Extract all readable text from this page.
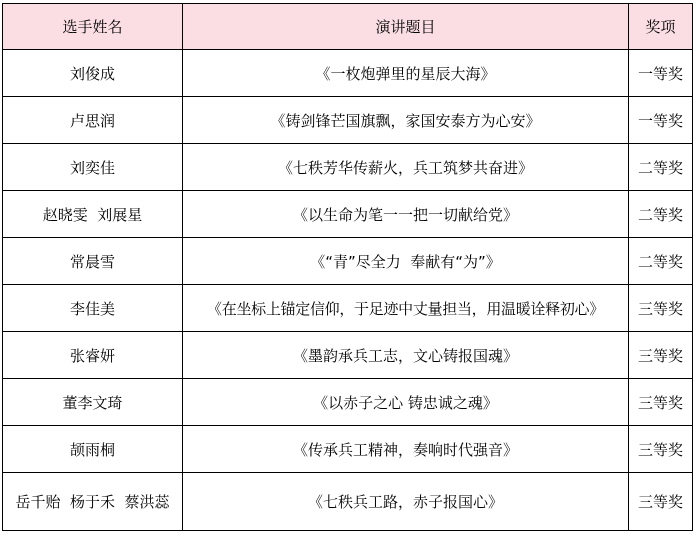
选手姓名	演讲题目	奖项
刘俊成	《一枚炮弹里的星辰大海》	一等奖
卢思润	《铸剑锋芒国旗飘，家国安泰方为心安》	一等奖
刘奕佳	《七秩芳华传薪火，兵工筑梦共奋进》	二等奖
赵晓雯  刘展星	《以生命为笔一一把一切献给党》	二等奖
常晨雪	《“青”尽全力  奉献有“为”》	二等奖
李佳美	《在坐标上锚定信仰，于足迹中丈量担当，用温暖诠释初心》	三等奖
张睿妍	《墨韵承兵工志，文心铸报国魂》	三等奖
董李文琦	《以赤子之心 铸忠诚之魂》	三等奖
颉雨桐	《传承兵工精神，奏响时代强音》	三等奖
岳千贻  杨于禾  蔡洪蕊	《七秩兵工路，赤子报国心》	三等奖
